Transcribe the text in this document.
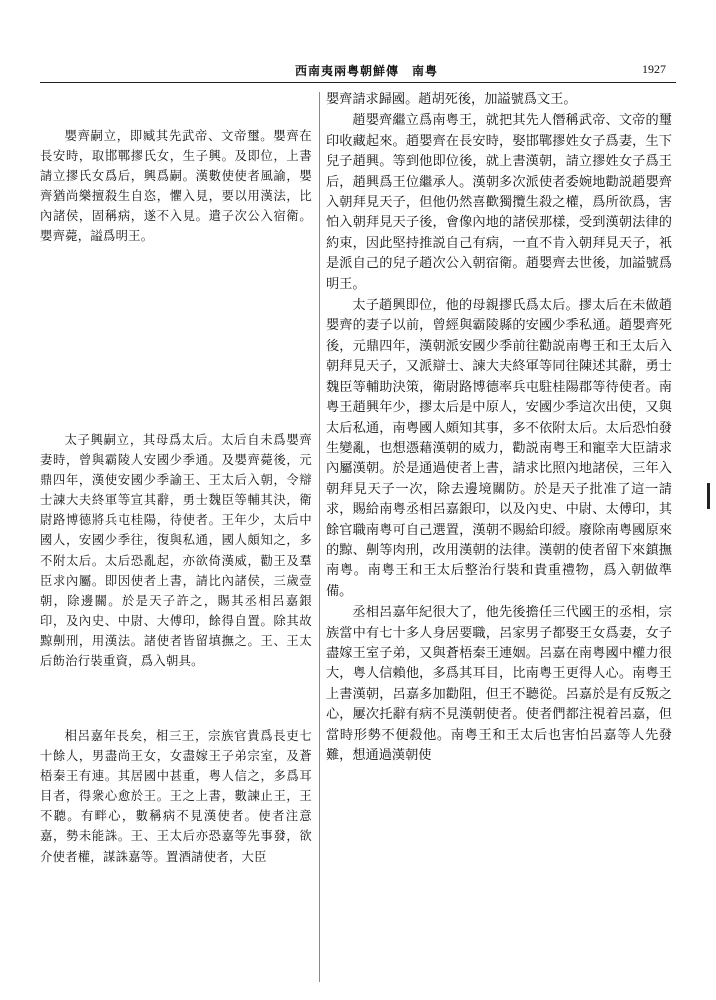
西南夷兩粤朝鮮傳　南粤	1927

嬰齊嗣立，即臧其先武帝、文帝璽。嬰齊在長安時，取邯鄲摎氏女，生子興。及即位，上書請立摎氏女爲后，興爲嗣。漢數使使者風諭，嬰齊猶尚樂擅殺生自恣，懼入見，要以用漢法，比內諸侯，固稱病，遂不入見。遣子次公入宿衛。嬰齊薨，謚爲明王。

太子興嗣立，其母爲太后。太后自未爲嬰齊妻時，曾與霸陵人安國少季通。及嬰齊薨後，元鼎四年，漢使安國少季諭王、王太后入朝，令辯士諫大夫終軍等宣其辭，勇士魏臣等輔其決，衛尉路博德將兵屯桂陽，待使者。王年少，太后中國人，安國少季往，復與私通，國人頗知之，多不附太后。太后恐亂起，亦欲倚漢威，勸王及羣臣求內屬。即因使者上書，請比內諸侯，三歲壹朝，除邊關。於是天子許之，賜其丞相呂嘉銀印，及內史、中尉、大傅印，餘得自置。除其故黥劓刑，用漢法。諸使者皆留填撫之。王、王太后飭治行裝重資，爲入朝具。

相呂嘉年長矣，相三王，宗族官貴爲長吏七十餘人，男盡尚王女，女盡嫁王子弟宗室，及蒼梧秦王有連。其居國中甚重，粤人信之，多爲耳目者，得衆心愈於王。王之上書，數諫止王，王不聽。有畔心，數稱病不見漢使者。使者注意嘉，勢未能誅。王、王太后亦恐嘉等先事發，欲介使者權，謀誅嘉等。置酒請使者，大臣

嬰齊請求歸國。趙胡死後，加謚號爲文王。

趙嬰齊繼立爲南粤王，就把其先人僭稱武帝、文帝的璽印收藏起來。趙嬰齊在長安時，娶邯鄲摎姓女子爲妻，生下兒子趙興。等到他即位後，就上書漢朝，請立摎姓女子爲王后，趙興爲王位繼承人。漢朝多次派使者委婉地勸説趙嬰齊入朝拜見天子，但他仍然喜歡獨攬生殺之權，爲所欲爲，害怕入朝拜見天子後，會像內地的諸侯那樣，受到漢朝法律的約束，因此堅持推説自己有病，一直不肯入朝拜見天子，衹是派自己的兒子趙次公入朝宿衛。趙嬰齊去世後，加謚號爲明王。

太子趙興即位，他的母親摎氏爲太后。摎太后在未做趙嬰齊的妻子以前，曾經與霸陵縣的安國少季私通。趙嬰齊死後，元鼎四年，漢朝派安國少季前往勸説南粤王和王太后入朝拜見天子，又派辯士、諫大夫終軍等同往陳述其辭，勇士魏臣等輔助決策，衛尉路博德率兵屯駐桂陽郡等待使者。南粤王趙興年少，摎太后是中原人，安國少季這次出使，又與太后私通，南粤國人頗知其事，多不依附太后。太后恐怕發生變亂，也想憑藉漢朝的威力，勸説南粤王和寵幸大臣請求內屬漢朝。於是通過使者上書，請求比照內地諸侯，三年入朝拜見天子一次，除去邊境關防。於是天子批准了這一請求，賜給南粤丞相呂嘉銀印，以及內史、中尉、太傅印，其餘官職南粤可自己選置，漢朝不賜給印綬。廢除南粤國原來的黥、劓等肉刑，改用漢朝的法律。漢朝的使者留下來鎮撫南粤。南粤王和王太后整治行裝和貴重禮物，爲入朝做準備。

丞相呂嘉年紀很大了，他先後擔任三代國王的丞相，宗族當中有七十多人身居要職，呂家男子都娶王女爲妻，女子盡嫁王室子弟，又與蒼梧秦王連姻。呂嘉在南粤國中權力很大，粤人信賴他，多爲其耳目，比南粤王更得人心。南粤王上書漢朝，呂嘉多加勸阻，但王不聽從。呂嘉於是有反叛之心，屢次托辭有病不見漢朝使者。使者們都注視着呂嘉，但當時形勢不便殺他。南粤王和王太后也害怕呂嘉等人先發難，想通過漢朝使
